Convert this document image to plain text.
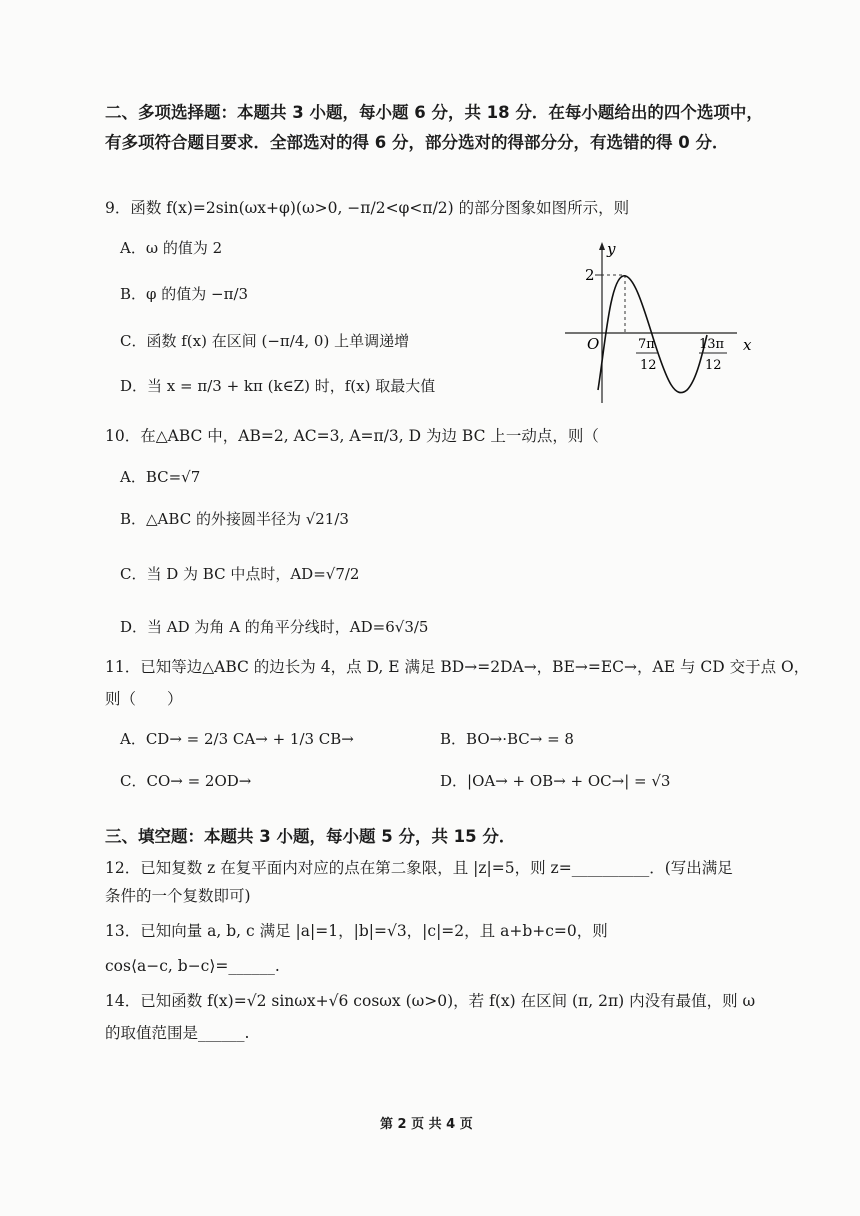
二、多项选择题：本题共 3 小题，每小题 6 分，共 18 分．在每小题给出的四个选项中，有多项符合题目要求．全部选对的得 6 分，部分选对的得部分分，有选错的得 0 分．
9．函数 f(x)=2sin(ωx+φ)(ω>0, −π/2<φ<π/2) 的部分图象如图所示，则
A．ω 的值为 2
B．φ 的值为 −π/3
C．函数 f(x) 在区间 (−π/4, 0) 上单调递增
D．当 x = π/3 + kπ (k∈Z) 时，f(x) 取最大值
y
x
O
2
7π
12
13π
12
10．在△ABC 中，AB=2, AC=3, A=π/3, D 为边 BC 上一动点，则（
A．BC=√7
B．△ABC 的外接圆半径为 √21/3
C．当 D 为 BC 中点时，AD=√7/2
D．当 AD 为角 A 的角平分线时，AD=6√3/5
11．已知等边△ABC 的边长为 4，点 D, E 满足 BD→=2DA→，BE→=EC→，AE 与 CD 交于点 O，
则（　　）
A．CD→ = 2/3 CA→ + 1/3 CB→	B．BO→·BC→ = 8
C．CO→ = 2OD→	D．|OA→ + OB→ + OC→| = √3
三、填空题：本题共 3 小题，每小题 5 分，共 15 分．
12．已知复数 z 在复平面内对应的点在第二象限，且 |z|=5，则 z=__________．(写出满足
条件的一个复数即可)
13．已知向量 a, b, c 满足 |a|=1，|b|=√3，|c|=2，且 a+b+c=0，则
cos⟨a−c, b−c⟩=______.
14．已知函数 f(x)=√2 sinωx+√6 cosωx (ω>0)，若 f(x) 在区间 (π, 2π) 内没有最值，则 ω
的取值范围是______.
第 2 页 共 4 页
